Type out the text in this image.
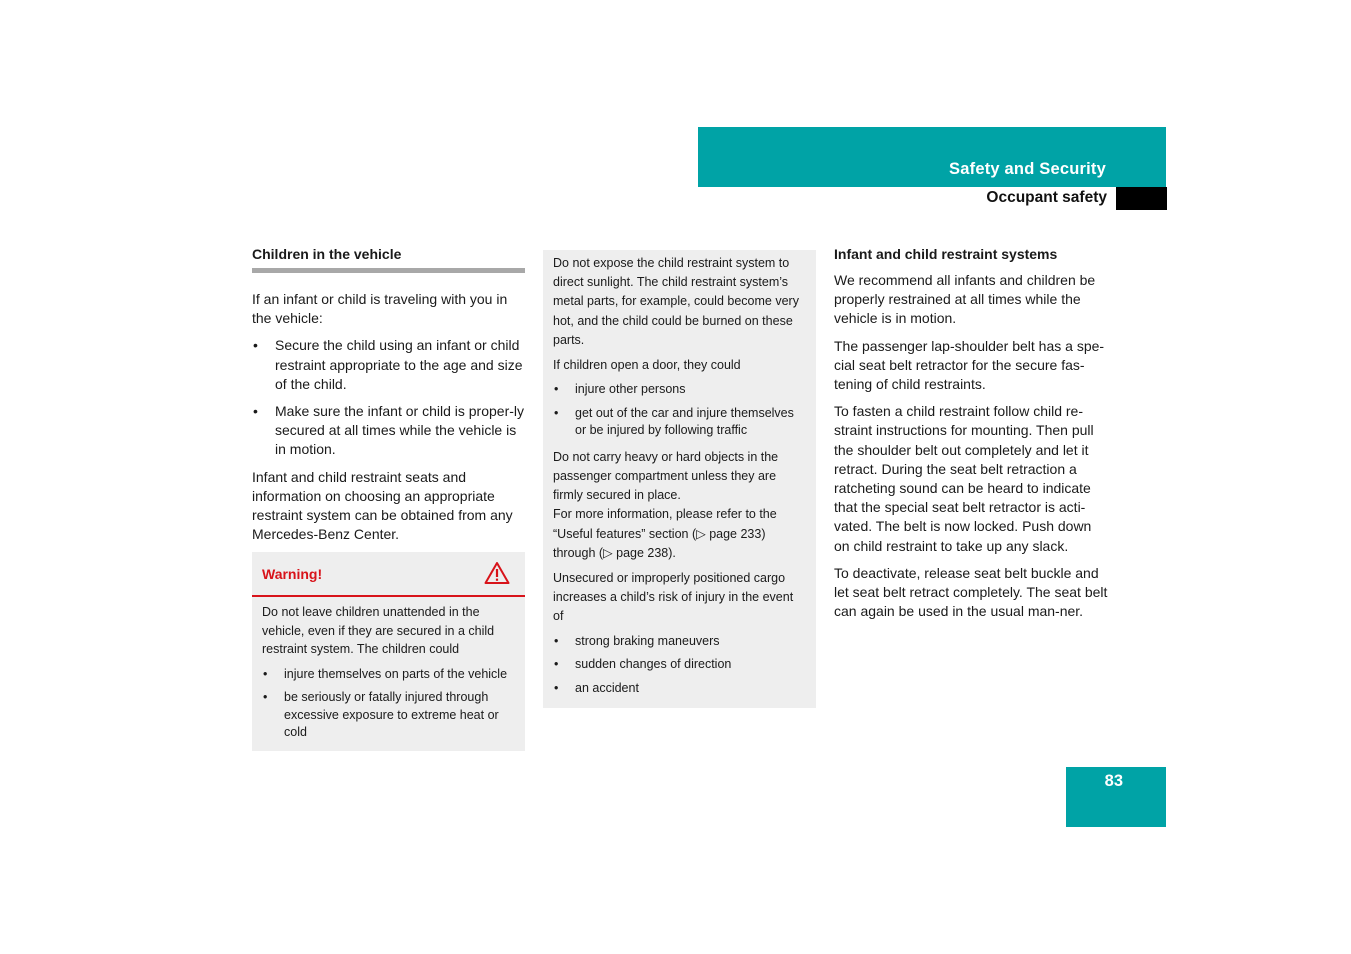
Safety and Security
Occupant safety
Children in the vehicle

If an infant or child is traveling with you in the vehicle:

• Secure the child using an infant or child restraint appropriate to the age and size of the child.
• Make sure the infant or child is proper-ly secured at all times while the vehicle is in motion.

Infant and child restraint seats and information on choosing an appropriate restraint system can be obtained from any Mercedes-Benz Center.

Warning!

Do not leave children unattended in the vehicle, even if they are secured in a child restraint system. The children could

• injure themselves on parts of the vehicle
• be seriously or fatally injured through excessive exposure to extreme heat or cold

Do not expose the child restraint system to direct sunlight. The child restraint system’s metal parts, for example, could become very hot, and the child could be burned on these parts.

If children open a door, they could

• injure other persons
• get out of the car and injure themselves or be injured by following traffic

Do not carry heavy or hard objects in the passenger compartment unless they are firmly secured in place.

For more information, please refer to the “Useful features” section (▷ page 233) through (▷ page 238).

Unsecured or improperly positioned cargo increases a child’s risk of injury in the event of

• strong braking maneuvers
• sudden changes of direction
• an accident
Infant and child restraint systems

We recommend all infants and children be properly restrained at all times while the vehicle is in motion.

The passenger lap-shoulder belt has a spe-cial seat belt retractor for the secure fas-tening of child restraints.

To fasten a child restraint follow child re-straint instructions for mounting. Then pull the shoulder belt out completely and let it retract. During the seat belt retraction a ratcheting sound can be heard to indicate that the special seat belt retractor is acti-vated. The belt is now locked. Push down on child restraint to take up any slack.

To deactivate, release seat belt buckle and let seat belt retract completely. The seat belt can again be used in the usual man-ner.

83
